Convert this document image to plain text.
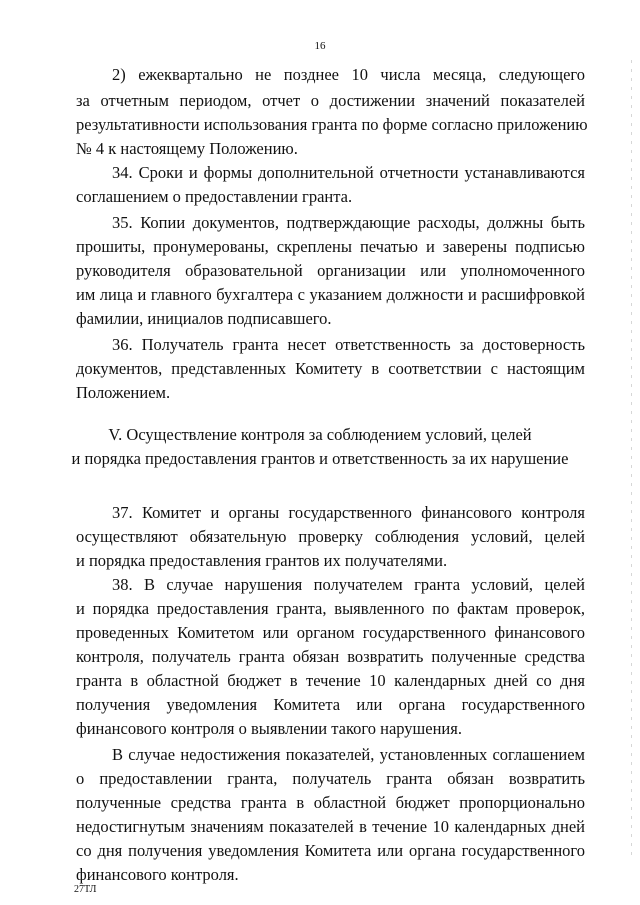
16
2) ежеквартально не позднее 10 числа месяца, следующего
за отчетным периодом, отчет о достижении значений показателей
результативности использования гранта по форме согласно приложению
№ 4 к настоящему Положению.
34. Сроки и формы дополнительной отчетности устанавливаются
соглашением о предоставлении гранта.
35. Копии документов, подтверждающие расходы, должны быть
прошиты, пронумерованы, скреплены печатью и заверены подписью
руководителя образовательной организации или уполномоченного
им лица и главного бухгалтера с указанием должности и расшифровкой
фамилии, инициалов подписавшего.
36. Получатель гранта несет ответственность за достоверность
документов, представленных Комитету в соответствии с настоящим
Положением.
V. Осуществление контроля за соблюдением условий, целей
и порядка предоставления грантов и ответственность за их нарушение
37. Комитет и органы государственного финансового контроля
осуществляют обязательную проверку соблюдения условий, целей
и порядка предоставления грантов их получателями.
38. В случае нарушения получателем гранта условий, целей
и порядка предоставления гранта, выявленного по фактам проверок,
проведенных Комитетом или органом государственного финансового
контроля, получатель гранта обязан возвратить полученные средства
гранта в областной бюджет в течение 10 календарных дней со дня
получения уведомления Комитета или органа государственного
финансового контроля о выявлении такого нарушения.
В случае недостижения показателей, установленных соглашением
о предоставлении гранта, получатель гранта обязан возвратить
полученные средства гранта в областной бюджет пропорционально
недостигнутым значениям показателей в течение 10 календарных дней
со дня получения уведомления Комитета или органа государственного
финансового контроля.
27ТЛ
